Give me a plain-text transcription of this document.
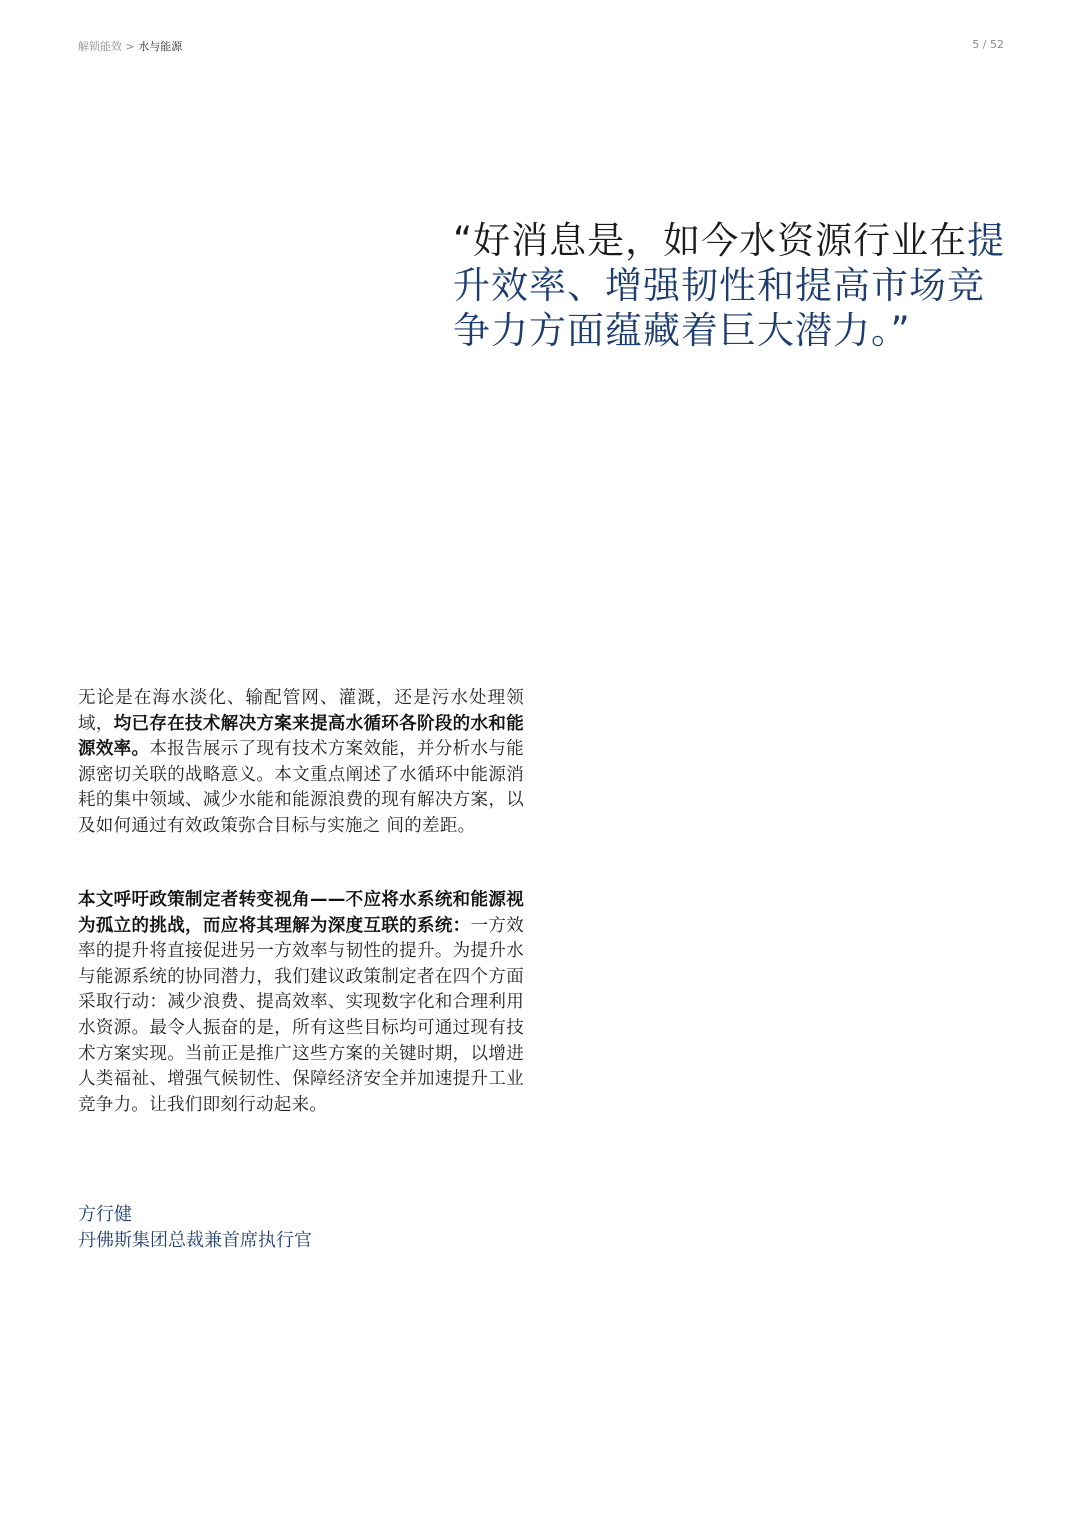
解锁能效 > 水与能源	5 / 52
“好消息是，如今水资源行业在提升效率、增强韧性和提高市场竞争力方面蕴藏着巨大潜力。”
无论是在海水淡化、输配管网、灌溉，还是污水处理领域，均已存在技术解决方案来提高水循环各阶段的水和能源效率。本报告展示了现有技术方案效能，并分析水与能源密切关联的战略意义。本文重点阐述了水循环中能源消耗的集中领域、减少水能和能源浪费的现有解决方案，以及如何通过有效政策弥合目标与实施之 间的差距。
本文呼吁政策制定者转变视角——不应将水系统和能源视为孤立的挑战，而应将其理解为深度互联的系统：一方效率的提升将直接促进另一方效率与韧性的提升。为提升水与能源系统的协同潜力，我们建议政策制定者在四个方面采取行动：减少浪费、提高效率、实现数字化和合理利用水资源。最令人振奋的是，所有这些目标均可通过现有技术方案实现。当前正是推广这些方案的关键时期，以增进人类福祉、增强气候韧性、保障经济安全并加速提升工业竞争力。让我们即刻行动起来。
方行健
丹佛斯集团总裁兼首席执行官
